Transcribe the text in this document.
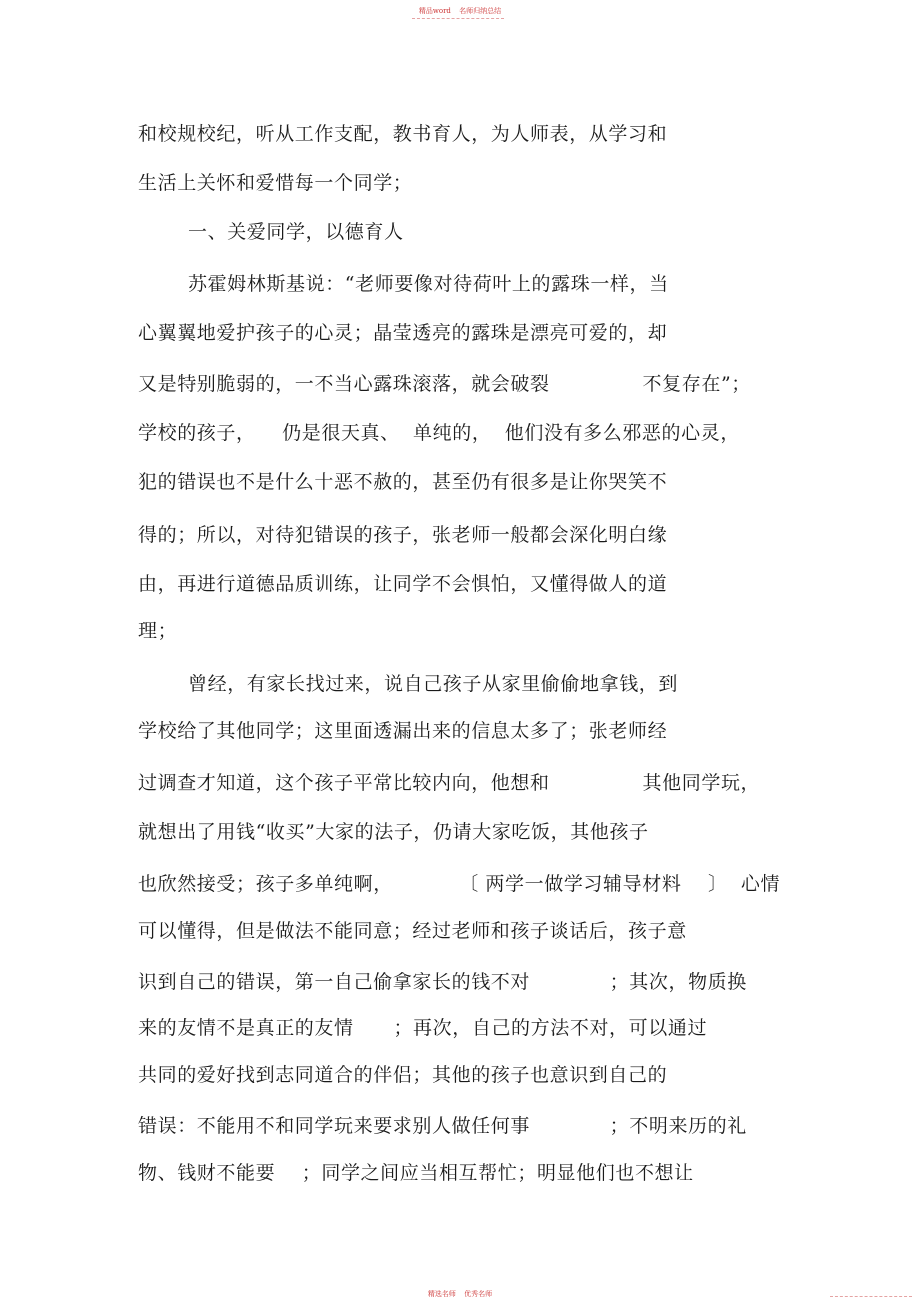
精品word 名师归纳总结
和校规校纪，听从工作支配，教书育人，为人师表，从学习和
生活上关怀和爱惜每一个同学；
一、关爱同学，以德育人
苏霍姆林斯基说：“老师要像对待荷叶上的露珠一样，当
心翼翼地爱护孩子的心灵；晶莹透亮的露珠是漂亮可爱的，却
又是特别脆弱的，一不当心露珠滚落，就会破裂              不复存在”；
学校的孩子，    仍是很天真、  单纯的，  他们没有多么邪恶的心灵，
犯的错误也不是什么十恶不赦的，甚至仍有很多是让你哭笑不
得的；所以，对待犯错误的孩子，张老师一般都会深化明白缘
由，再进行道德品质训练，让同学不会惧怕，又懂得做人的道
理；
曾经，有家长找过来，说自己孩子从家里偷偷地拿钱，到
学校给了其他同学；这里面透漏出来的信息太多了；张老师经
过调查才知道，这个孩子平常比较内向，他想和              其他同学玩，
就想出了用钱“收买”大家的法子，仍请大家吃饭，其他孩子
也欣然接受；孩子多单纯啊，          〔 两学一做学习辅导材料    〕  心情
可以懂得，但是做法不能同意；经过老师和孩子谈话后，孩子意
识到自己的错误，第一自己偷拿家长的钱不对            ；其次，物质换
来的友情不是真正的友情      ；再次，自己的方法不对，可以通过
共同的爱好找到志同道合的伴侣；其他的孩子也意识到自己的
错误：不能用不和同学玩来要求别人做任何事            ；不明来历的礼
物、钱财不能要    ；同学之间应当相互帮忙；明显他们也不想让
精选名师 优秀名师
